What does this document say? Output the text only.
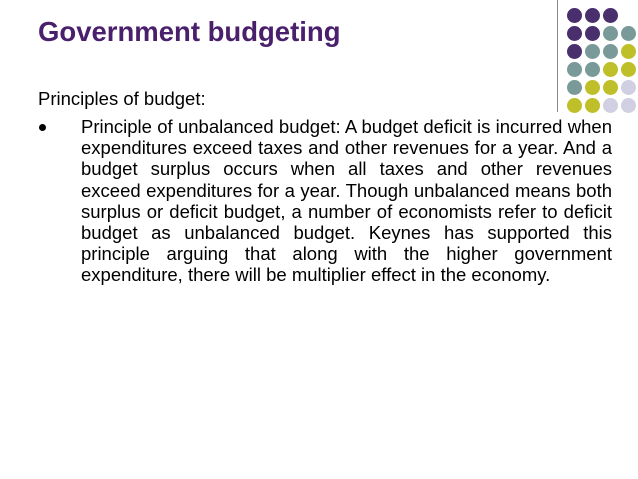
Government budgeting
Principles of budget:

Principle of unbalanced budget: A budget deficit is incurred when expenditures exceed taxes and other revenues for a year. And a budget surplus occurs when all taxes and other revenues exceed expenditures for a year. Though unbalanced means both surplus or deficit budget, a number of economists refer to deficit budget as unbalanced budget. Keynes has supported this principle arguing that along with the higher government expenditure, there will be multiplier effect in the economy.
